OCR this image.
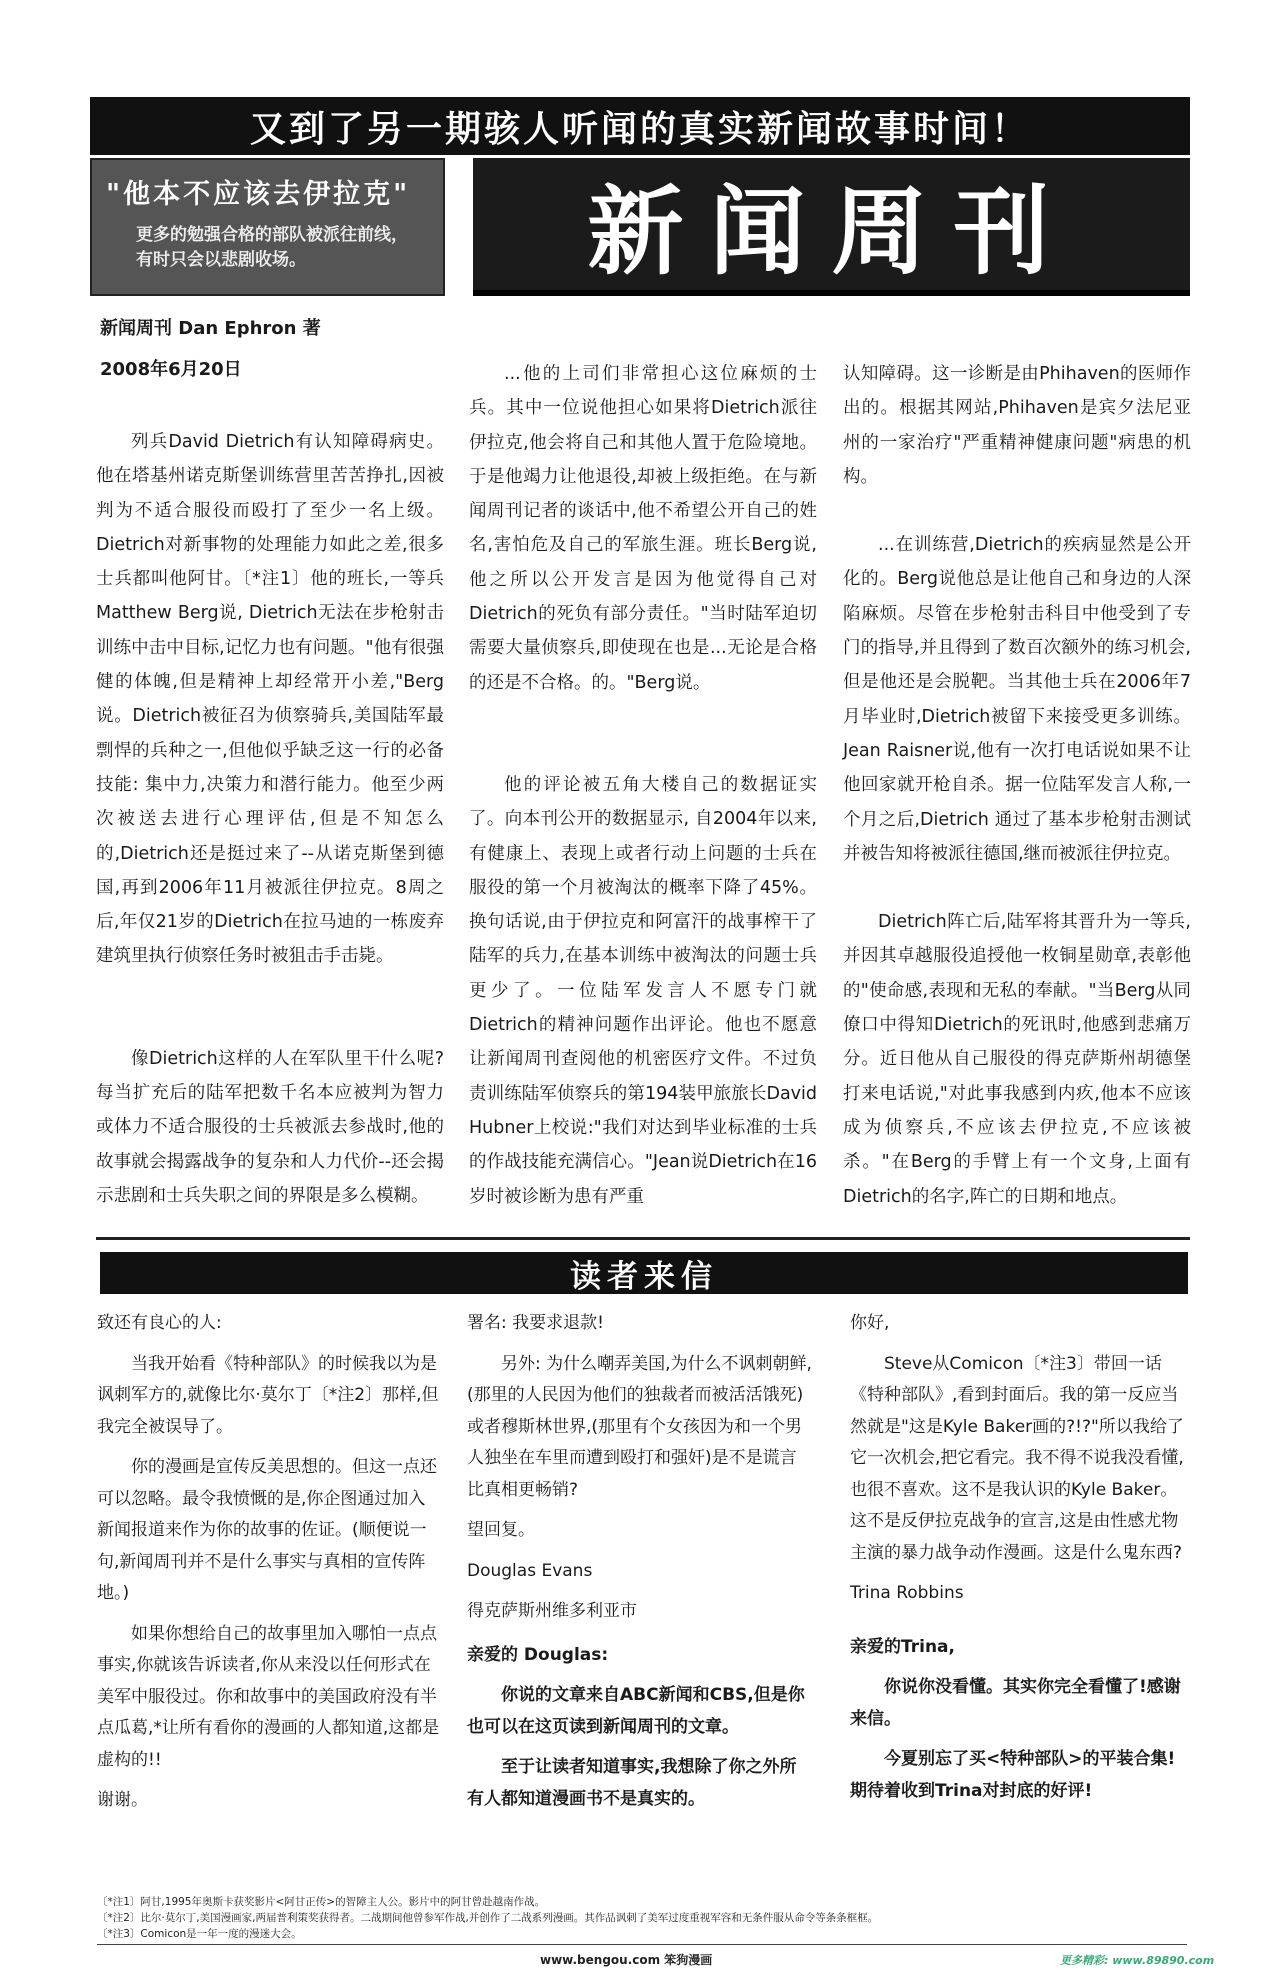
又到了另一期骇人听闻的真实新闻故事时间！
"他本不应该去伊拉克"
更多的勉强合格的部队被派往前线，
有时只会以悲剧收场。	新闻周刊
新闻周刊 Dan Ephron 著
2008年6月20日

列兵David Dietrich有认知障碍病史。他在塔基州诺克斯堡训练营里苦苦挣扎,因被判为不适合服役而殴打了至少一名上级。Dietrich对新事物的处理能力如此之差,很多士兵都叫他阿甘。〔*注1〕他的班长,一等兵Matthew Berg说, Dietrich无法在步枪射击训练中击中目标,记忆力也有问题。"他有很强健的体魄,但是精神上却经常开小差,"Berg说。Dietrich被征召为侦察骑兵,美国陆军最剽悍的兵种之一,但他似乎缺乏这一行的必备技能: 集中力,决策力和潜行能力。他至少两次被送去进行心理评估,但是不知怎么的,Dietrich还是挺过来了--从诺克斯堡到德国,再到2006年11月被派往伊拉克。8周之后,年仅21岁的Dietrich在拉马迪的一栋废弃建筑里执行侦察任务时被狙击手击毙。

像Dietrich这样的人在军队里干什么呢?每当扩充后的陆军把数千名本应被判为智力或体力不适合服役的士兵被派去参战时,他的故事就会揭露战争的复杂和人力代价--还会揭示悲剧和士兵失职之间的界限是多么模糊。

...他的上司们非常担心这位麻烦的士兵。其中一位说他担心如果将Dietrich派往伊拉克,他会将自己和其他人置于危险境地。于是他竭力让他退役,却被上级拒绝。在与新闻周刊记者的谈话中,他不希望公开自己的姓名,害怕危及自己的军旅生涯。班长Berg说,他之所以公开发言是因为他觉得自己对Dietrich的死负有部分责任。"当时陆军迫切需要大量侦察兵,即使现在也是...无论是合格的还是不合格。的。"Berg说。

他的评论被五角大楼自己的数据证实了。向本刊公开的数据显示, 自2004年以来,有健康上、表现上或者行动上问题的士兵在服役的第一个月被淘汰的概率下降了45%。换句话说,由于伊拉克和阿富汗的战事榨干了陆军的兵力,在基本训练中被淘汰的问题士兵更少了。一位陆军发言人不愿专门就Dietrich的精神问题作出评论。他也不愿意让新闻周刊查阅他的机密医疗文件。不过负责训练陆军侦察兵的第194装甲旅旅长David Hubner上校说:"我们对达到毕业标准的士兵的作战技能充满信心。"Jean说Dietrich在16岁时被诊断为患有严重

认知障碍。这一诊断是由Phihaven的医师作出的。根据其网站,Phihaven是宾夕法尼亚州的一家治疗"严重精神健康问题"病患的机构。

...在训练营,Dietrich的疾病显然是公开化的。Berg说他总是让他自己和身边的人深陷麻烦。尽管在步枪射击科目中他受到了专门的指导,并且得到了数百次额外的练习机会,但是他还是会脱靶。当其他士兵在2006年7月毕业时,Dietrich被留下来接受更多训练。Jean Raisner说,他有一次打电话说如果不让他回家就开枪自杀。据一位陆军发言人称,一个月之后,Dietrich 通过了基本步枪射击测试并被告知将被派往德国,继而被派往伊拉克。

Dietrich阵亡后,陆军将其晋升为一等兵,并因其卓越服役追授他一枚铜星勋章,表彰他的"使命感,表现和无私的奉献。"当Berg从同僚口中得知Dietrich的死讯时,他感到悲痛万分。近日他从自己服役的得克萨斯州胡德堡打来电话说,"对此事我感到内疚,他本不应该成为侦察兵,不应该去伊拉克,不应该被杀。"在Berg的手臂上有一个文身,上面有Dietrich的名字,阵亡的日期和地点。

读者来信

致还有良心的人:

当我开始看《特种部队》的时候我以为是讽刺军方的,就像比尔·莫尔丁〔*注2〕那样,但我完全被误导了。

你的漫画是宣传反美思想的。但这一点还可以忽略。最令我愤慨的是,你企图通过加入新闻报道来作为你的故事的佐证。(顺便说一句,新闻周刊并不是什么事实与真相的宣传阵地。)

如果你想给自己的故事里加入哪怕一点点事实,你就该告诉读者,你从来没以任何形式在美军中服役过。你和故事中的美国政府没有半点瓜葛,*让所有看你的漫画的人都知道,这都是虚构的!!

谢谢。

署名: 我要求退款!

另外: 为什么嘲弄美国,为什么不讽刺朝鲜,(那里的人民因为他们的独裁者而被活活饿死)或者穆斯林世界,(那里有个女孩因为和一个男人独坐在车里而遭到殴打和强奸)是不是谎言比真相更畅销?

望回复。

Douglas Evans

得克萨斯州维多利亚市

亲爱的 Douglas:

你说的文章来自ABC新闻和CBS,但是你也可以在这页读到新闻周刊的文章。

至于让读者知道事实,我想除了你之外所有人都知道漫画书不是真实的。

你好,

Steve从Comicon〔*注3〕带回一话《特种部队》,看到封面后。我的第一反应当然就是"这是Kyle Baker画的?!?"所以我给了它一次机会,把它看完。我不得不说我没看懂,也很不喜欢。这不是我认识的Kyle Baker。这不是反伊拉克战争的宣言,这是由性感尤物主演的暴力战争动作漫画。这是什么鬼东西?

Trina Robbins

亲爱的Trina,

你说你没看懂。其实你完全看懂了!感谢来信。

今夏别忘了买<特种部队>的平装合集!期待着收到Trina对封底的好评!

〔*注1〕阿甘,1995年奥斯卡获奖影片<阿甘正传>的智障主人公。影片中的阿甘曾赴越南作战。
〔*注2〕比尔·莫尔丁,美国漫画家,两届普利策奖获得者。二战期间他曾参军作战,并创作了二战系列漫画。其作品讽刺了美军过度重视军容和无条件服从命令等条条框框。
〔*注3〕Comicon是一年一度的漫迷大会。
www.bengou.com 笨狗漫画	更多精彩: www.89890.com
